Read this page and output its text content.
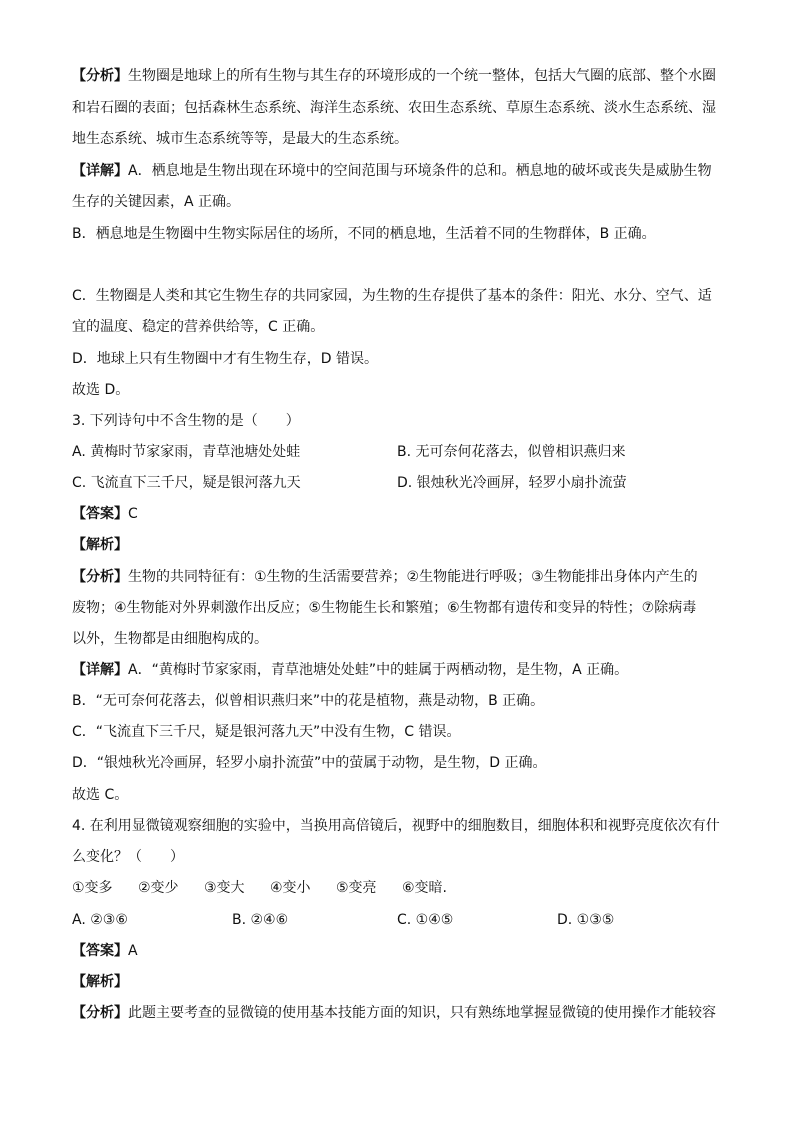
【分析】生物圈是地球上的所有生物与其生存的环境形成的一个统一整体，包括大气圈的底部、整个水圈
和岩石圈的表面；包括森林生态系统、海洋生态系统、农田生态系统、草原生态系统、淡水生态系统、湿
地生态系统、城市生态系统等等，是最大的生态系统。
【详解】A．栖息地是生物出现在环境中的空间范围与环境条件的总和。栖息地的破坏或丧失是威胁生物
生存的关键因素，A 正确。
B．栖息地是生物圈中生物实际居住的场所，不同的栖息地，生活着不同的生物群体，B 正确。
C．生物圈是人类和其它生物生存的共同家园，为生物的生存提供了基本的条件：阳光、水分、空气、适
宜的温度、稳定的营养供给等，C 正确。
D．地球上只有生物圈中才有生物生存，D 错误。
故选 D。
3. 下列诗句中不含生物的是（　　）
A. 黄梅时节家家雨，青草池塘处处蛙	B. 无可奈何花落去，似曾相识燕归来
C. 飞流直下三千尺，疑是银河落九天	D. 银烛秋光冷画屏，轻罗小扇扑流萤
【答案】C
【解析】
【分析】生物的共同特征有：①生物的生活需要营养；②生物能进行呼吸；③生物能排出身体内产生的
废物；④生物能对外界刺激作出反应；⑤生物能生长和繁殖；⑥生物都有遗传和变异的特性；⑦除病毒
以外，生物都是由细胞构成的。
【详解】A．“黄梅时节家家雨，青草池塘处处蛙”中的蛙属于两栖动物，是生物，A 正确。
B．“无可奈何花落去，似曾相识燕归来”中的花是植物，燕是动物，B 正确。
C．“飞流直下三千尺，疑是银河落九天”中没有生物，C 错误。
D．“银烛秋光冷画屏，轻罗小扇扑流萤”中的萤属于动物，是生物，D 正确。
故选 C。
4. 在利用显微镜观察细胞的实验中，当换用高倍镜后，视野中的细胞数目，细胞体积和视野亮度依次有什
么变化？（　　）
①变多 ②变少 ③变大 ④变小 ⑤变亮 ⑥变暗.
A. ②③⑥	B. ②④⑥	C. ①④⑤	D. ①③⑤
【答案】A
【解析】
【分析】此题主要考查的显微镜的使用基本技能方面的知识，只有熟练地掌握显微镜的使用操作才能较容
